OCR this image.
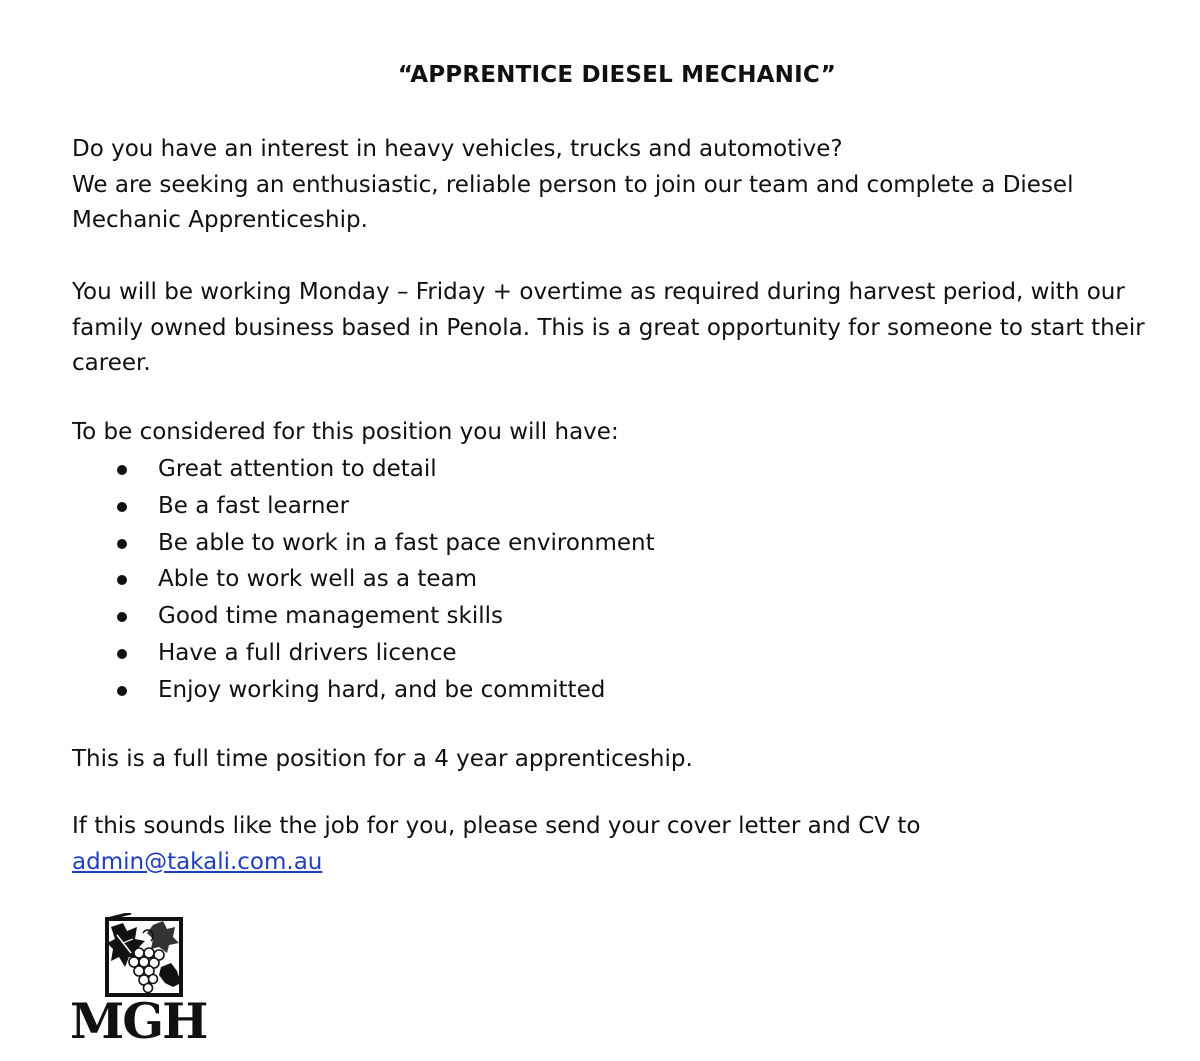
“APPRENTICE DIESEL MECHANIC”

Do you have an interest in heavy vehicles, trucks and automotive?

We are seeking an enthusiastic, reliable person to join our team and complete a Diesel Mechanic Apprenticeship.

You will be working Monday – Friday + overtime as required during harvest period, with our family owned business based in Penola. This is a great opportunity for someone to start their career.

To be considered for this position you will have:

Great attention to detail
Be a fast learner
Be able to work in a fast pace environment
Able to work well as a team
Good time management skills
Have a full drivers licence
Enjoy working hard, and be committed

This is a full time position for a 4 year apprenticeship.

If this sounds like the job for you, please send your cover letter and CV to

admin@takali.com.au

MGH
